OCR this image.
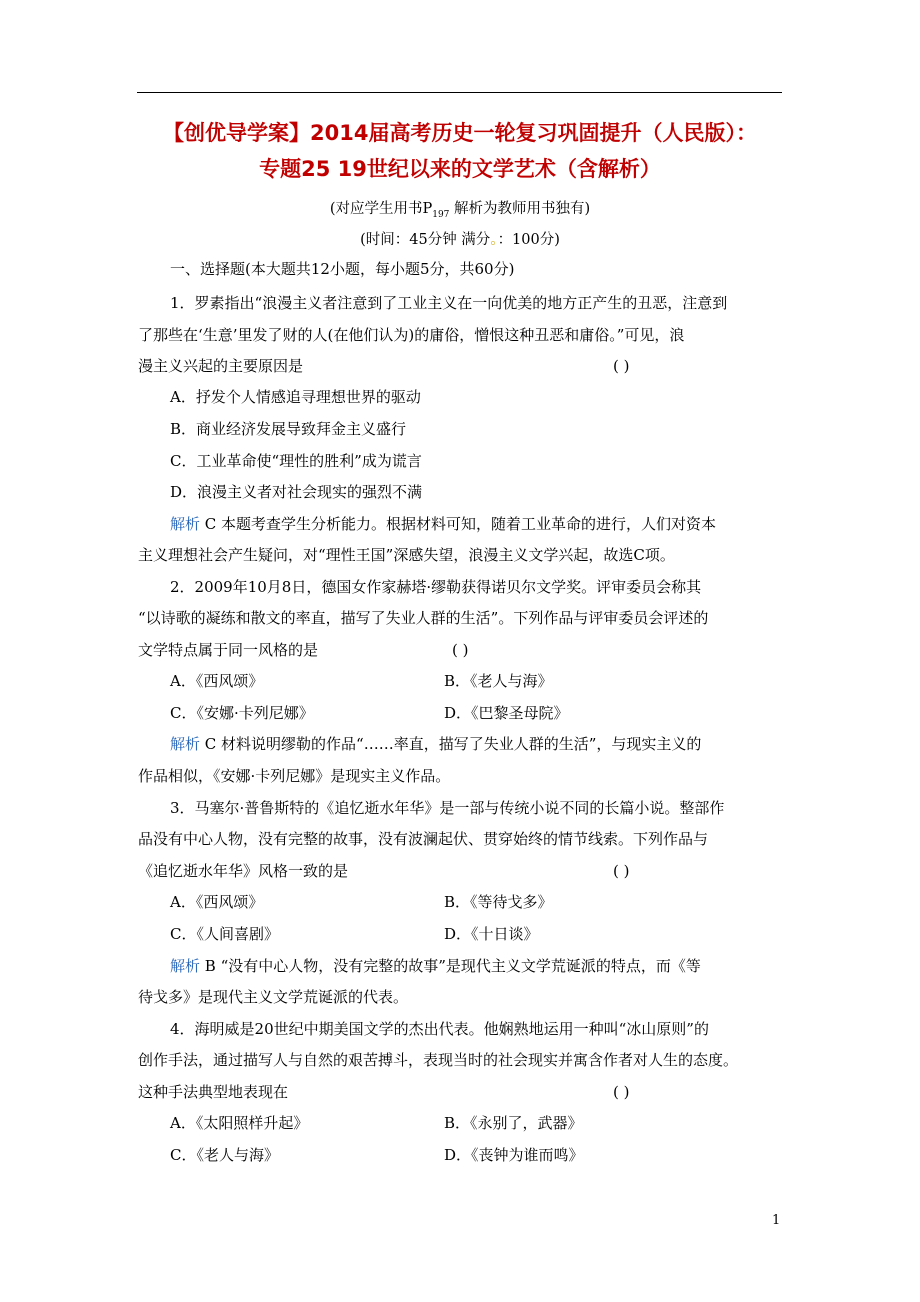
【创优导学案】2014届高考历史一轮复习巩固提升（人民版）：
专题25 19世纪以来的文学艺术（含解析）
(对应学生用书$P_{197}$ 解析为教师用书独有)
(时间：45分钟 满分。：100分)
一、选择题(本大题共12小题，每小题5分，共60分)
1．罗素指出“浪漫主义者注意到了工业主义在一向优美的地方正产生的丑恶，注意到
了那些在‘生意’里发了财的人(在他们认为)的庸俗，憎恨这种丑恶和庸俗。”可见，浪
漫主义兴起的主要原因是	( )
A．抒发个人情感追寻理想世界的驱动
B．商业经济发展导致拜金主义盛行
C．工业革命使“理性的胜利”成为谎言
D．浪漫主义者对社会现实的强烈不满
解析 C 本题考查学生分析能力。根据材料可知，随着工业革命的进行，人们对资本
主义理想社会产生疑问，对“理性王国”深感失望，浪漫主义文学兴起，故选C项。
2．2009年10月8日，德国女作家赫塔·缪勒获得诺贝尔文学奖。评审委员会称其
“以诗歌的凝练和散文的率直，描写了失业人群的生活”。下列作品与评审委员会评述的
文学特点属于同一风格的是	( )
A．《西风颂》	B．《老人与海》
C．《安娜·卡列尼娜》	D．《巴黎圣母院》
解析 C 材料说明缪勒的作品“……率直，描写了失业人群的生活”，与现实主义的
作品相似，《安娜·卡列尼娜》是现实主义作品。
3．马塞尔·普鲁斯特的《追忆逝水年华》是一部与传统小说不同的长篇小说。整部作
品没有中心人物，没有完整的故事，没有波澜起伏、贯穿始终的情节线索。下列作品与
《追忆逝水年华》风格一致的是	( )
A．《西风颂》	B．《等待戈多》
C．《人间喜剧》	D．《十日谈》
解析 B “没有中心人物，没有完整的故事”是现代主义文学荒诞派的特点，而《等
待戈多》是现代主义文学荒诞派的代表。
4．海明威是20世纪中期美国文学的杰出代表。他娴熟地运用一种叫“冰山原则”的
创作手法，通过描写人与自然的艰苦搏斗，表现当时的社会现实并寓含作者对人生的态度。
这种手法典型地表现在	( )
A．《太阳照样升起》	B．《永别了，武器》
C．《老人与海》	D．《丧钟为谁而鸣》
1
